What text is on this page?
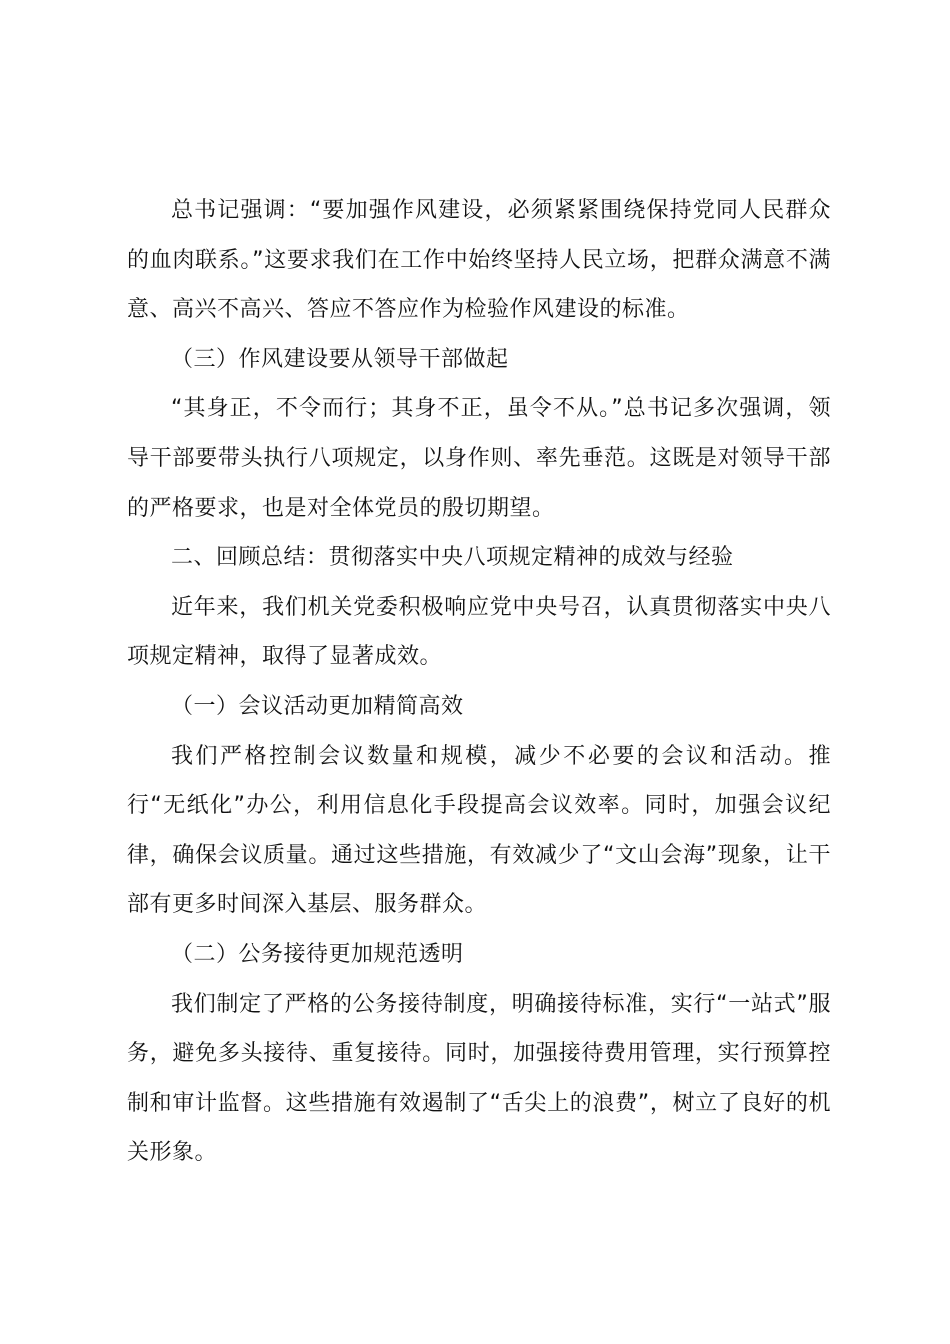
总书记强调：“要加强作风建设，必须紧紧围绕保持党同人民群众的血肉联系。”这要求我们在工作中始终坚持人民立场，把群众满意不满意、高兴不高兴、答应不答应作为检验作风建设的标准。

（三）作风建设要从领导干部做起

“其身正，不令而行；其身不正，虽令不从。”总书记多次强调，领导干部要带头执行八项规定，以身作则、率先垂范。这既是对领导干部的严格要求，也是对全体党员的殷切期望。

二、回顾总结：贯彻落实中央八项规定精神的成效与经验

近年来，我们机关党委积极响应党中央号召，认真贯彻落实中央八项规定精神，取得了显著成效。

（一）会议活动更加精简高效

我们严格控制会议数量和规模，减少不必要的会议和活动。推行“无纸化”办公，利用信息化手段提高会议效率。同时，加强会议纪律，确保会议质量。通过这些措施，有效减少了“文山会海”现象，让干部有更多时间深入基层、服务群众。

（二）公务接待更加规范透明

我们制定了严格的公务接待制度，明确接待标准，实行“一站式”服务，避免多头接待、重复接待。同时，加强接待费用管理，实行预算控制和审计监督。这些措施有效遏制了“舌尖上的浪费”，树立了良好的机关形象。
